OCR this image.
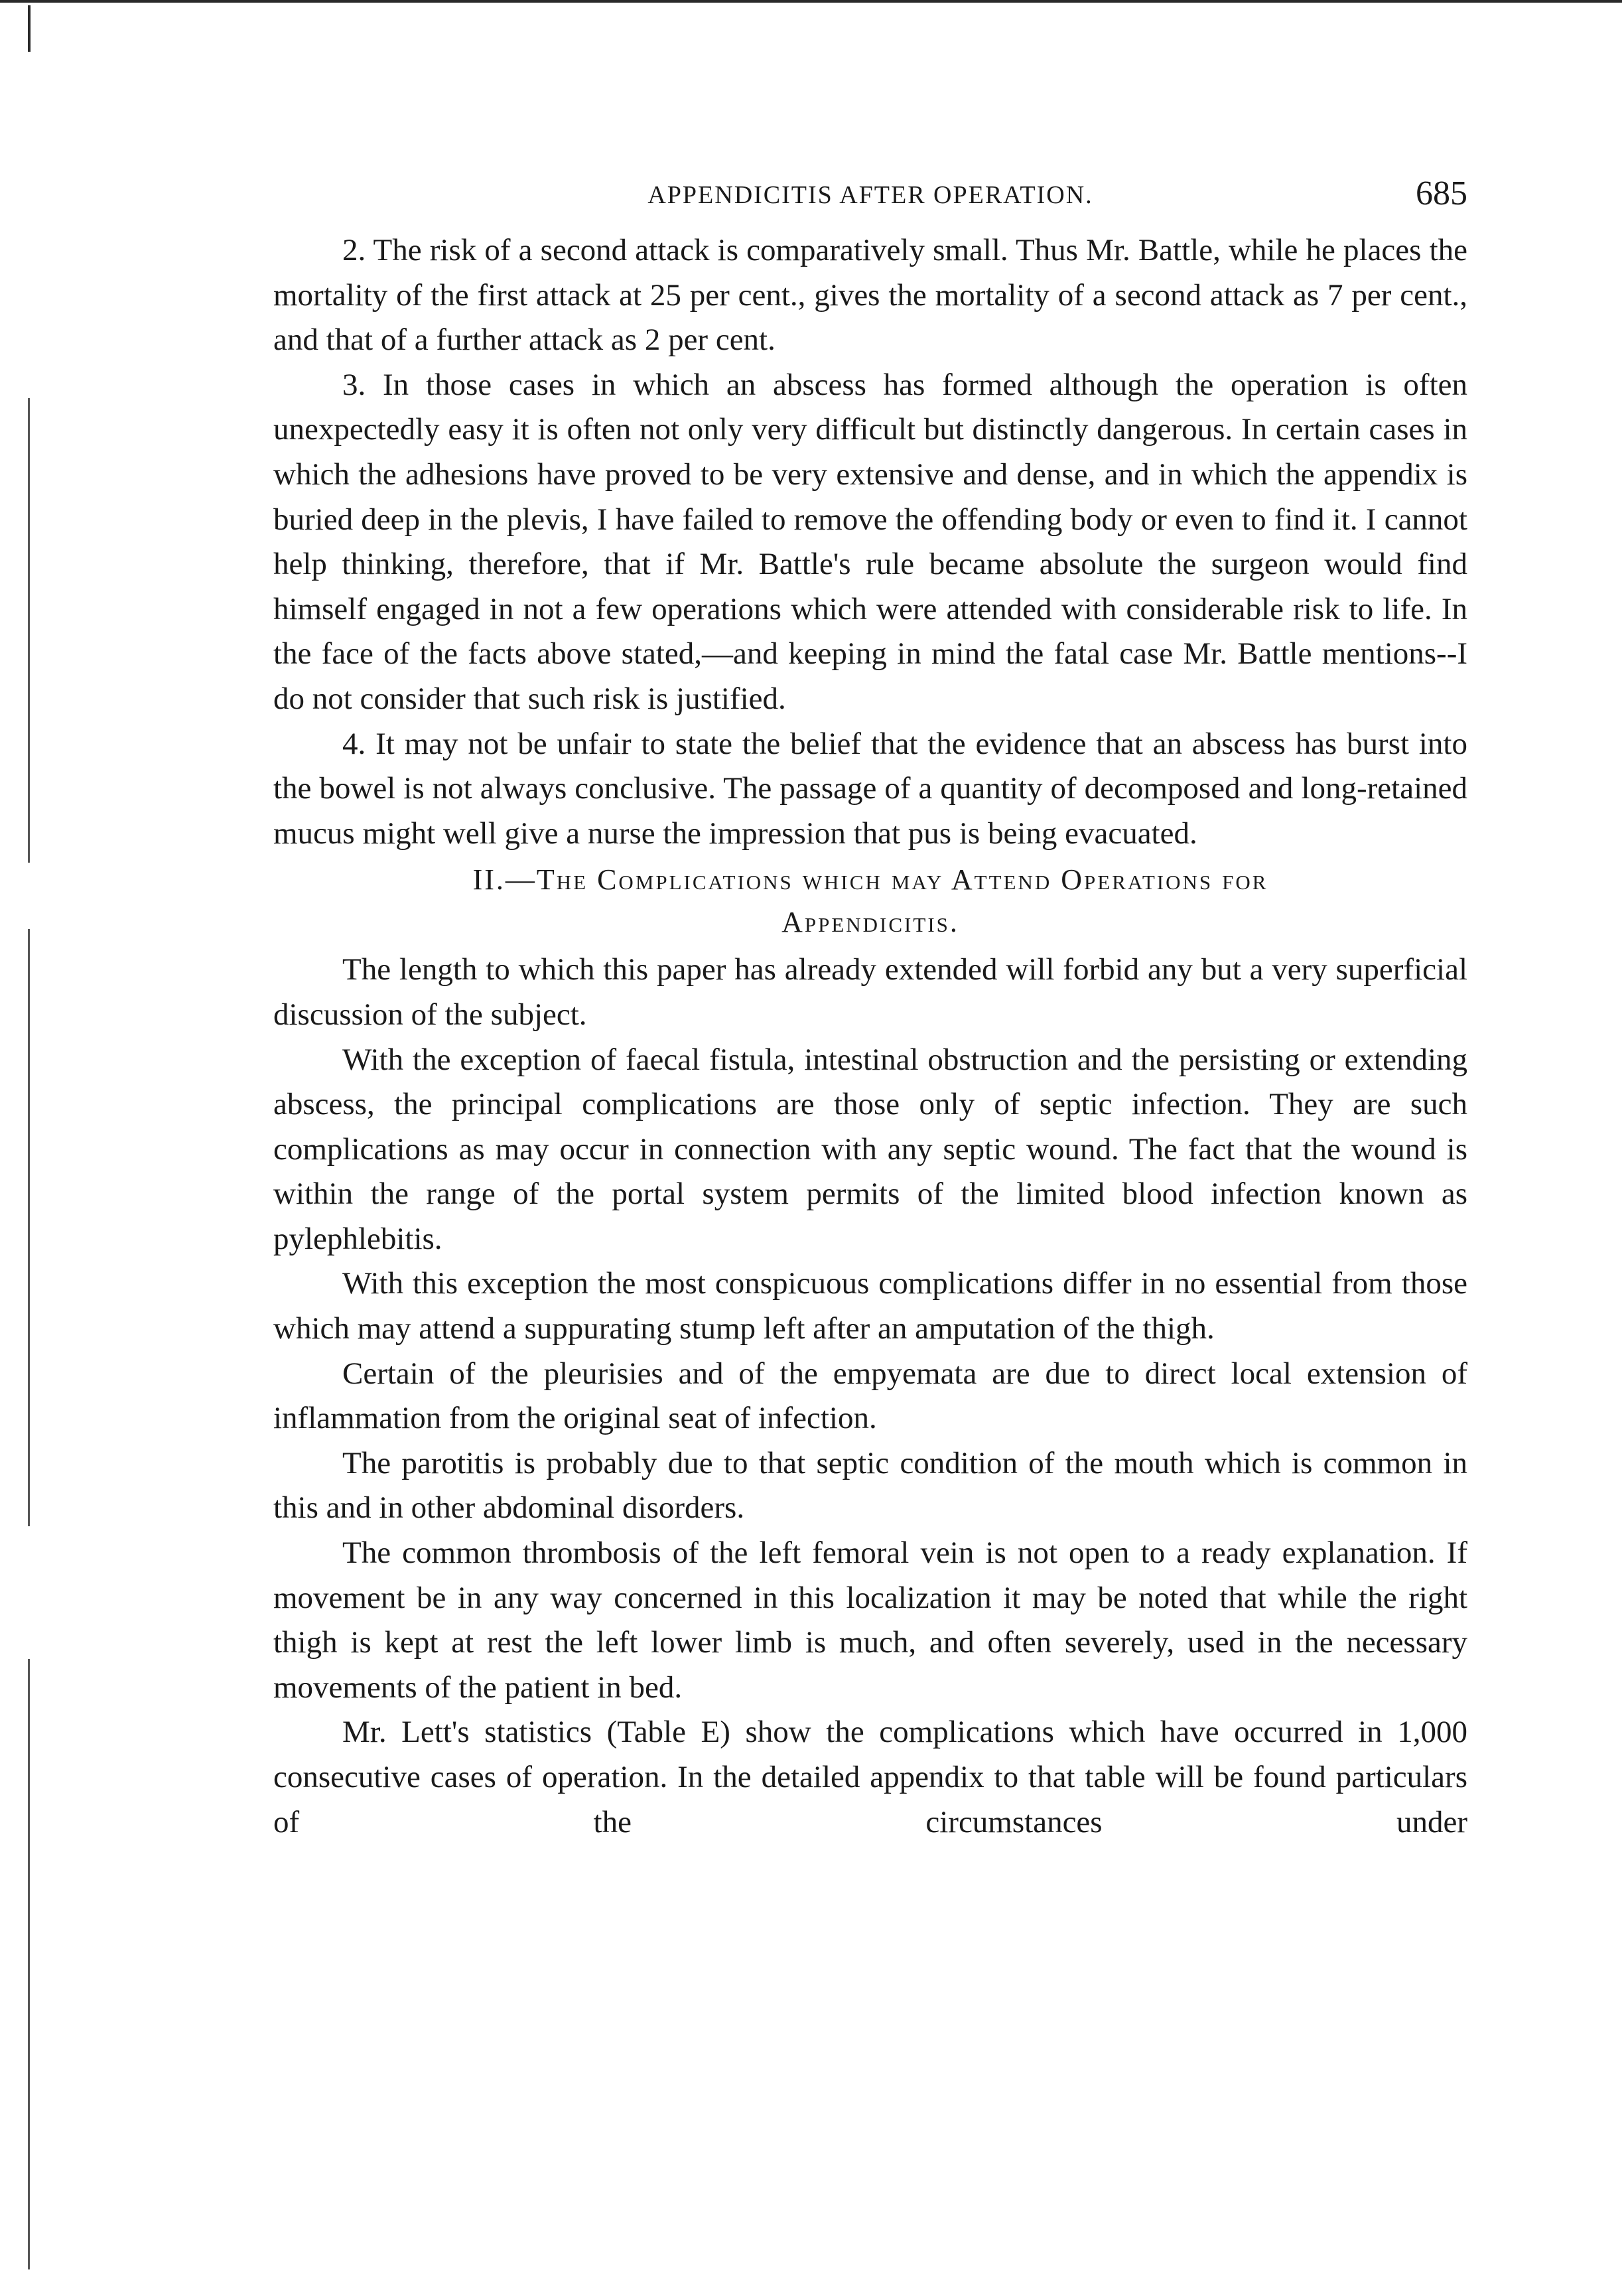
APPENDICITIS AFTER OPERATION.	685

2. The risk of a second attack is comparatively small. Thus Mr. Battle, while he places the mortality of the first attack at 25 per cent., gives the mortality of a second attack as 7 per cent., and that of a further attack as 2 per cent.

3. In those cases in which an abscess has formed although the operation is often unexpectedly easy it is often not only very difficult but distinctly dangerous. In certain cases in which the adhesions have proved to be very extensive and dense, and in which the appendix is buried deep in the plevis, I have failed to remove the offending body or even to find it. I cannot help thinking, therefore, that if Mr. Battle's rule became absolute the surgeon would find himself engaged in not a few operations which were attended with considerable risk to life. In the face of the facts above stated,—and keeping in mind the fatal case Mr. Battle mentions--I do not consider that such risk is justified.

4. It may not be unfair to state the belief that the evidence that an abscess has burst into the bowel is not always conclusive. The passage of a quantity of decomposed and long-retained mucus might well give a nurse the impression that pus is being evacuated.

II.—The Complications which may Attend Operations for
Appendicitis.

The length to which this paper has already extended will forbid any but a very superficial discussion of the subject.

With the exception of faecal fistula, intestinal obstruction and the persisting or extending abscess, the principal complications are those only of septic infection. They are such complications as may occur in connection with any septic wound. The fact that the wound is within the range of the portal system permits of the limited blood infection known as pylephlebitis.

With this exception the most conspicuous complications differ in no essential from those which may attend a suppurating stump left after an amputation of the thigh.

Certain of the pleurisies and of the empyemata are due to direct local extension of inflammation from the original seat of infection.

The parotitis is probably due to that septic condition of the mouth which is common in this and in other abdominal disorders.

The common thrombosis of the left femoral vein is not open to a ready explanation. If movement be in any way concerned in this localization it may be noted that while the right thigh is kept at rest the left lower limb is much, and often severely, used in the necessary movements of the patient in bed.

Mr. Lett's statistics (Table E) show the complications which have occurred in 1,000 consecutive cases of operation. In the detailed appendix to that table will be found particulars of the circumstances under
